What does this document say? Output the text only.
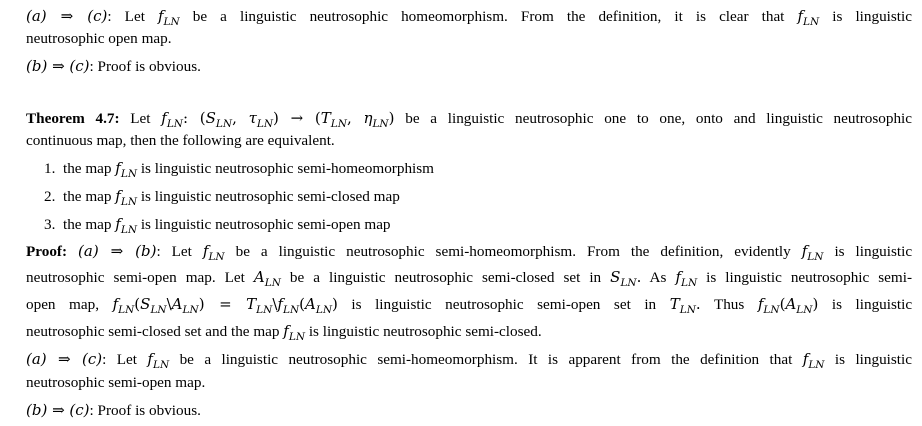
(a) ⇒ (c): Let $f_{LN}$ be a linguistic neutrosophic homeomorphism. From the definition, it is clear that $f_{LN}$ is linguistic
neutrosophic open map.
(b) ⇒ (c): Proof is obvious.
Theorem 4.7: Let $f_{LN}$: ($S_{LN}$, $\tau_{LN}) \to (T_{LN}$, $\eta_{LN}$) be a linguistic neutrosophic one to one, onto and linguistic neutrosophic
continuous map, then the following are equivalent.
1. the map $f_{LN}$ is linguistic neutrosophic semi-homeomorphism
2. the map $f_{LN}$ is linguistic neutrosophic semi-closed map
3. the map $f_{LN}$ is linguistic neutrosophic semi-open map
Proof: (a) ⇒ (b): Let $f_{LN}$ be a linguistic neutrosophic semi-homeomorphism. From the definition, evidently $f_{LN}$ is linguistic
neutrosophic semi-open map. Let $A_{LN}$ be a linguistic neutrosophic semi-closed set in $S_{LN}$. As $f_{LN}$ is linguistic neutrosophic semi-
open map, $f_{LN}(S_{LN}\backslash A_{LN})$ = $T_{LN}\backslash f_{LN}(A_{LN})$ is linguistic neutrosophic semi-open set in $T_{LN}$. Thus $f_{LN}(A_{LN})$ is linguistic
neutrosophic semi-closed set and the map $f_{LN}$ is linguistic neutrosophic semi-closed.
(a) ⇒ (c): Let $f_{LN}$ be a linguistic neutrosophic semi-homeomorphism. It is apparent from the definition that $f_{LN}$ is linguistic
neutrosophic semi-open map.
(b) ⇒ (c): Proof is obvious.
